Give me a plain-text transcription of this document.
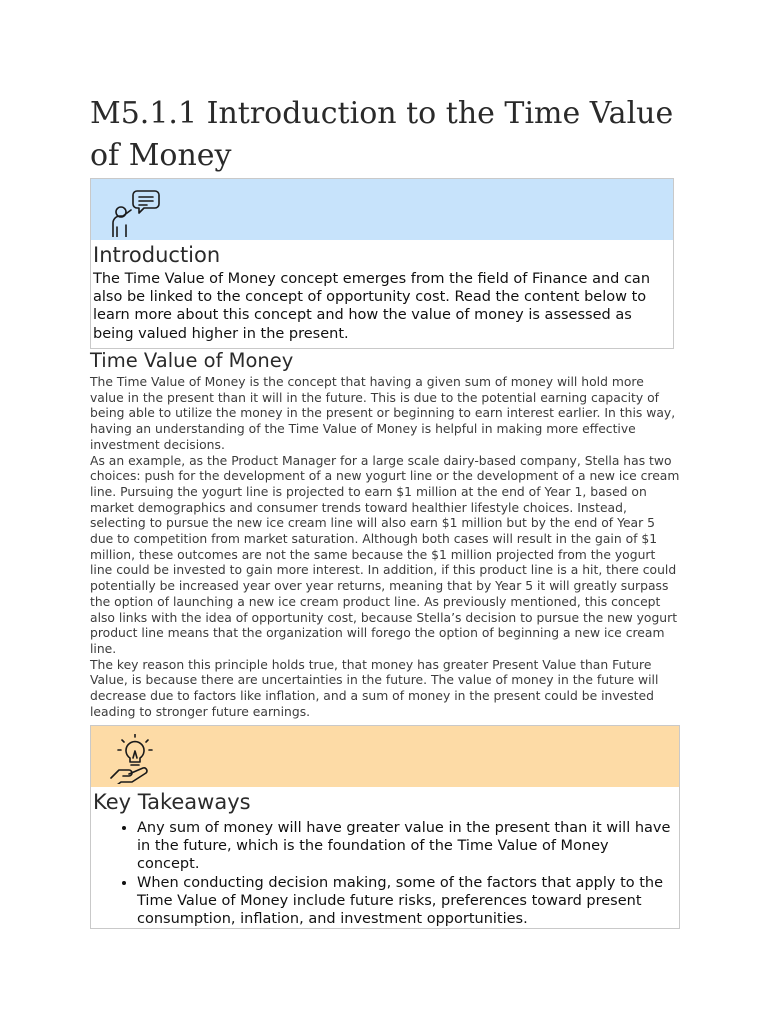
M5.1.1 Introduction to the Time Value of Money
Introduction

The Time Value of Money concept emerges from the field of Finance and can also be linked to the concept of opportunity cost. Read the content below to learn more about this concept and how the value of money is assessed as being valued higher in the present.

Time Value of Money

The Time Value of Money is the concept that having a given sum of money will hold more value in the present than it will in the future. This is due to the potential earning capacity of being able to utilize the money in the present or beginning to earn interest earlier. In this way, having an understanding of the Time Value of Money is helpful in making more effective investment decisions.

As an example, as the Product Manager for a large scale dairy-based company, Stella has two choices: push for the development of a new yogurt line or the development of a new ice cream line. Pursuing the yogurt line is projected to earn $1 million at the end of Year 1, based on market demographics and consumer trends toward healthier lifestyle choices. Instead, selecting to pursue the new ice cream line will also earn $1 million but by the end of Year 5 due to competition from market saturation. Although both cases will result in the gain of $1 million, these outcomes are not the same because the $1 million projected from the yogurt line could be invested to gain more interest. In addition, if this product line is a hit, there could potentially be increased year over year returns, meaning that by Year 5 it will greatly surpass the option of launching a new ice cream product line. As previously mentioned, this concept also links with the idea of opportunity cost, because Stella’s decision to pursue the new yogurt product line means that the organization will forego the option of beginning a new ice cream line.

The key reason this principle holds true, that money has greater Present Value than Future Value, is because there are uncertainties in the future. The value of money in the future will decrease due to factors like inflation, and a sum of money in the present could be invested leading to stronger future earnings.

Key Takeaways
• Any sum of money will have greater value in the present than it will have in the future, which is the foundation of the Time Value of Money concept.
• When conducting decision making, some of the factors that apply to the Time Value of Money include future risks, preferences toward present consumption, inflation, and investment opportunities.
